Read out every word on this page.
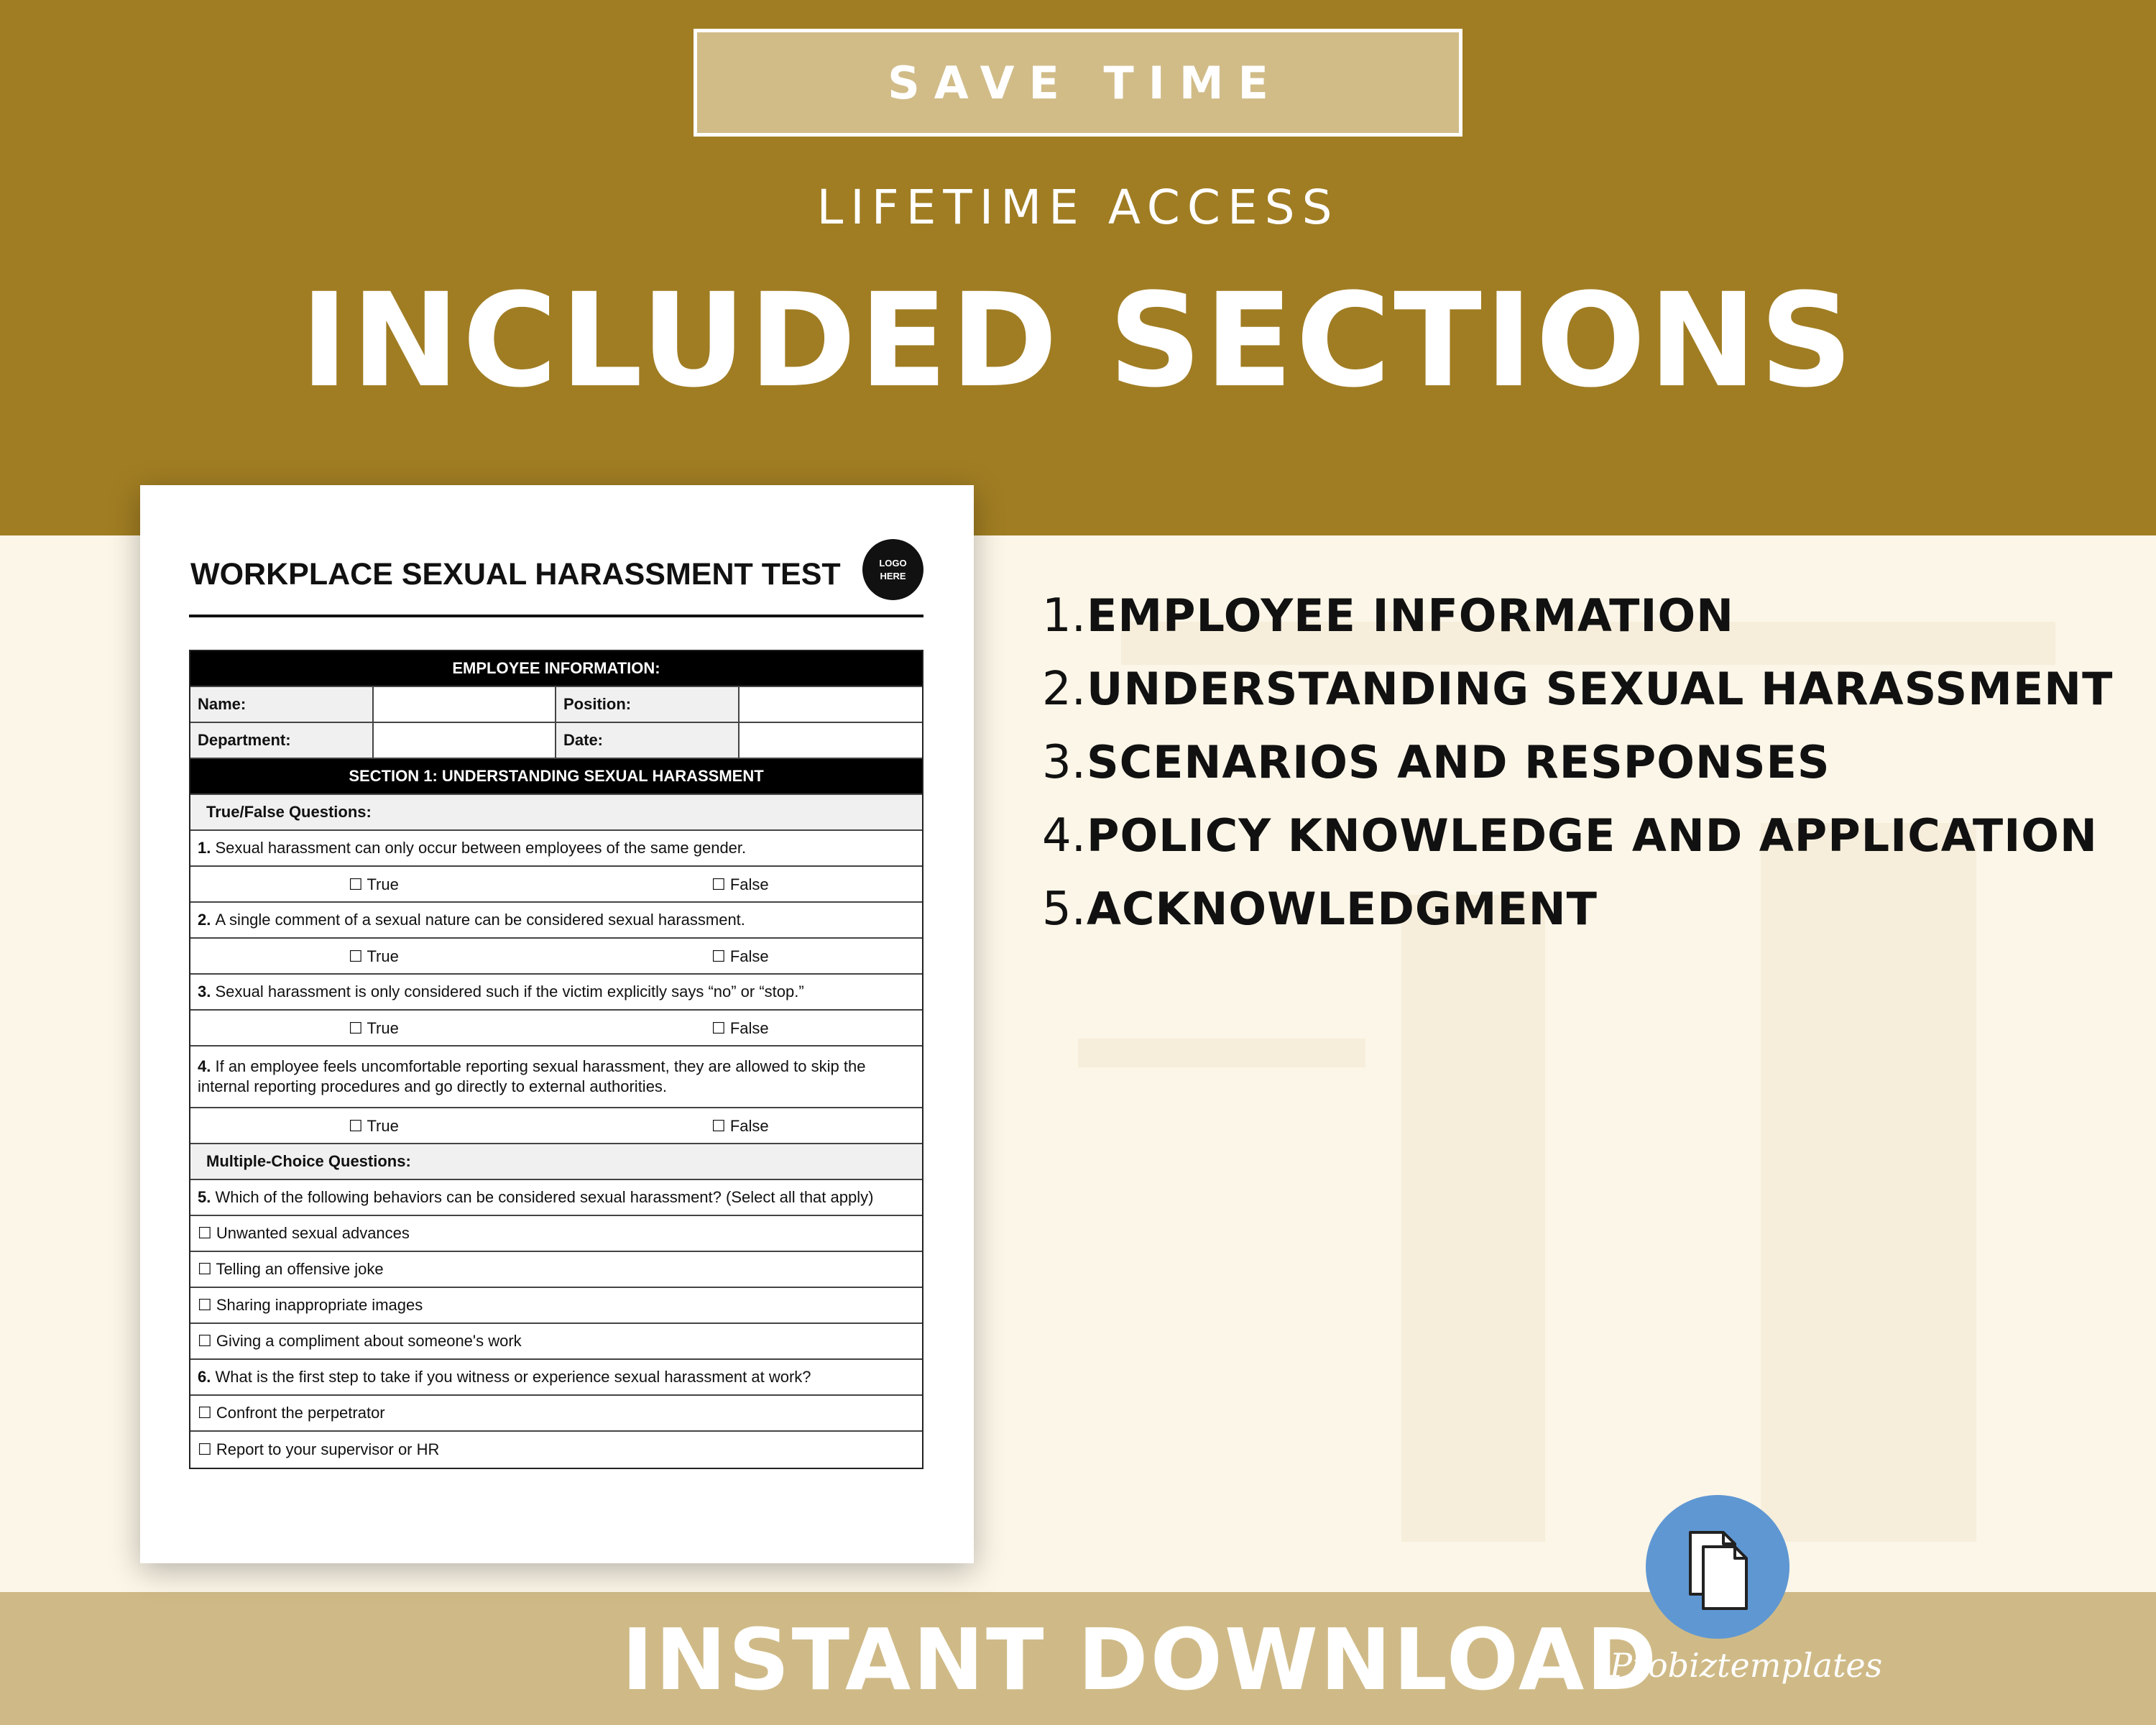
SAVE TIME
LIFETIME ACCESS
INCLUDED SECTIONS
WORKPLACE SEXUAL HARASSMENT TEST	LOGO
HERE
EMPLOYEE INFORMATION:
Name:	Position:
Department:	Date:
SECTION 1: UNDERSTANDING SEXUAL HARASSMENT
True/False Questions:
1.
Sexual harassment can only occur between employees of the same gender.
☐ True	☐ False
2.
A single comment of a sexual nature can be considered sexual harassment.
☐ True	☐ False
3.
Sexual harassment is only considered such if the victim explicitly says “no” or “stop.”
☐ True	☐ False
4. If an employee feels uncomfortable reporting sexual harassment, they are allowed to skip the internal reporting procedures and go directly to external authorities.
☐ True	☐ False
Multiple-Choice Questions:
5.
Which of the following behaviors can be considered sexual harassment? (Select all that apply)
☐ Unwanted sexual advances
☐ Telling an offensive joke
☐ Sharing inappropriate images
☐ Giving a compliment about someone's work
6.
What is the first step to take if you witness or experience sexual harassment at work?
☐ Confront the perpetrator
☐ Report to your supervisor or HR
1. EMPLOYEE INFORMATION
2. UNDERSTANDING SEXUAL HARASSMENT
3. SCENARIOS AND RESPONSES
4. POLICY KNOWLEDGE AND APPLICATION
5. ACKNOWLEDGMENT
INSTANT DOWNLOAD
Probiztemplates
